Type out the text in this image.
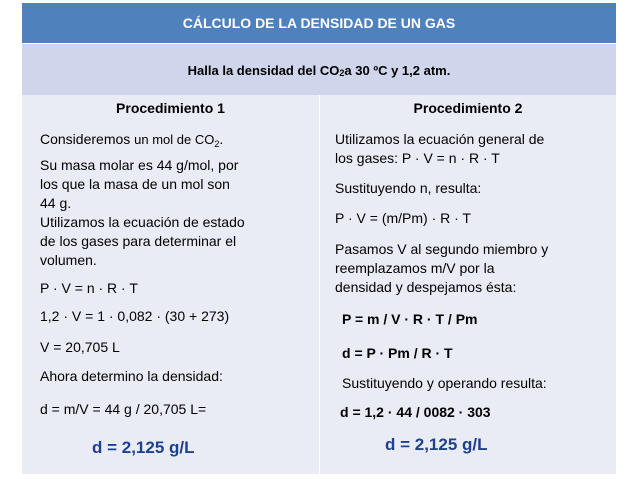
CÁLCULO DE LA DENSIDAD DE UN GAS
Halla la densidad del CO 2 a 30 ºC y 1,2 atm.
Procedimiento 1
Consideremos un mol de $CO_2$.
Su masa molar es 44 g/mol, por
los que la masa de un mol son
44 g.
Utilizamos la ecuación de estado
de los gases para determinar el
volumen.
P · V = n · R · T
1,2 · V = 1 · 0,082 · (30 + 273)
V = 20,705 L
Ahora determino la densidad:
d = m/V = 44 g / 20,705 L=
d = 2,125 g/L
Procedimiento 2
Utilizamos la ecuación general de
los gases: P · V = n · R · T
Sustituyendo n, resulta:
P · V = (m/Pm) · R · T
Pasamos V al segundo miembro y
reemplazamos m/V por la
densidad y despejamos ésta:
P = m / V · R · T / Pm
d = P · Pm / R · T
Sustituyendo y operando resulta:
d = 1,2 · 44 / 0082 · 303
d = 2,125 g/L
